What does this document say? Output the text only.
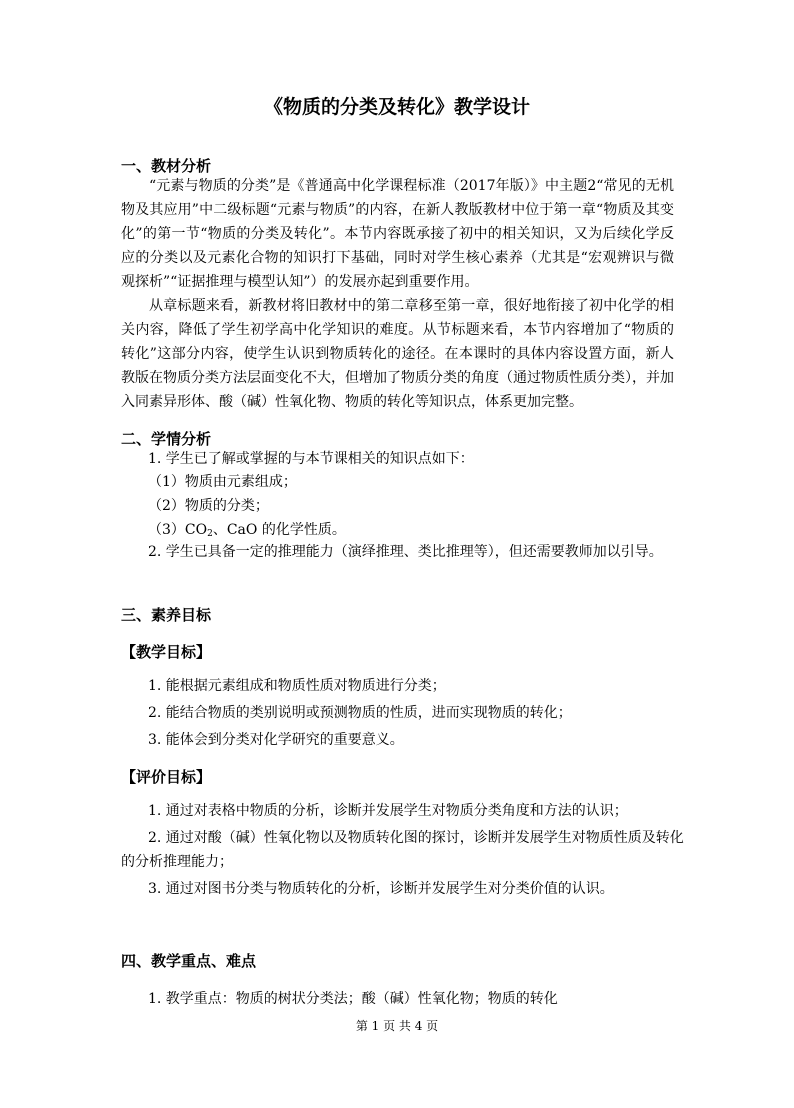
《物质的分类及转化》教学设计
一、教材分析
“元素与物质的分类”是《普通高中化学课程标准（2017年版）》中主题2“常见的无机物及其应用”中二级标题“元素与物质”的内容，在新人教版教材中位于第一章“物质及其变化”的第一节“物质的分类及转化”。本节内容既承接了初中的相关知识，又为后续化学反应的分类以及元素化合物的知识打下基础，同时对学生核心素养（尤其是“宏观辨识与微观探析”“证据推理与模型认知”）的发展亦起到重要作用。
从章标题来看，新教材将旧教材中的第二章移至第一章，很好地衔接了初中化学的相关内容，降低了学生初学高中化学知识的难度。从节标题来看，本节内容增加了“物质的转化”这部分内容，使学生认识到物质转化的途径。在本课时的具体内容设置方面，新人教版在物质分类方法层面变化不大，但增加了物质分类的角度（通过物质性质分类），并加入同素异形体、酸（碱）性氧化物、物质的转化等知识点，体系更加完整。
二、学情分析
1. 学生已了解或掌握的与本节课相关的知识点如下：
（1）物质由元素组成；
（2）物质的分类；
$(3)CO_2$、CaO 的化学性质。
2. 学生已具备一定的推理能力（演绎推理、类比推理等），但还需要教师加以引导。
三、素养目标
【教学目标】
1. 能根据元素组成和物质性质对物质进行分类；
2. 能结合物质的类别说明或预测物质的性质，进而实现物质的转化；
3. 能体会到分类对化学研究的重要意义。
【评价目标】
1. 通过对表格中物质的分析，诊断并发展学生对物质分类角度和方法的认识；
2. 通过对酸（碱）性氧化物以及物质转化图的探讨，诊断并发展学生对物质性质及转化
的分析推理能力；
3. 通过对图书分类与物质转化的分析，诊断并发展学生对分类价值的认识。
四、教学重点、难点
1. 教学重点：物质的树状分类法；酸（碱）性氧化物；物质的转化
第 1 页 共 4 页
